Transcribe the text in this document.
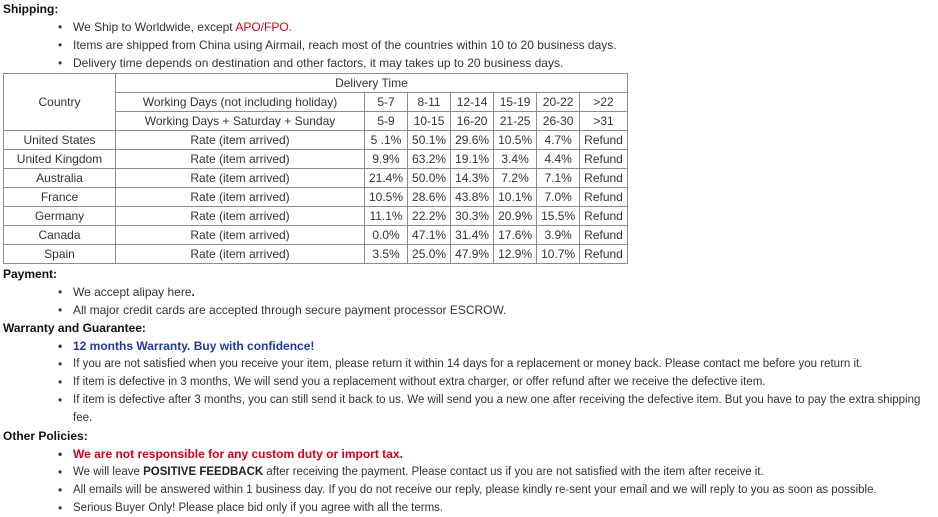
Shipping:

• We Ship to Worldwide, except APO/FPO.
• Items are shipped from China using Airmail, reach most of the countries within 10 to 20 business days.
• Delivery time depends on destination and other factors, it may takes up to 20 business days.
Country	Delivery Time						
	Working Days (not including holiday)	5-7	8-11	12-14	15-19	20-22	>22
	Working Days + Saturday + Sunday	5-9	10-15	16-20	21-25	26-30	>31
United States	Rate (item arrived)	5 .1%	50.1%	29.6%	10.5%	4.7%	Refund
United Kingdom	Rate (item arrived)	9.9%	63.2%	19.1%	3.4%	4.4%	Refund
Australia	Rate (item arrived)	21.4%	50.0%	14.3%	7.2%	7.1%	Refund
France	Rate (item arrived)	10.5%	28.6%	43.8%	10.1%	7.0%	Refund
Germany	Rate (item arrived)	11.1%	22.2%	30.3%	20.9%	15.5%	Refund
Canada	Rate (item arrived)	0.0%	47.1%	31.4%	17.6%	3.9%	Refund
Spain	Rate (item arrived)	3.5%	25.0%	47.9%	12.9%	10.7%	Refund

Payment:

• We accept alipay here.
• All major credit cards are accepted through secure payment processor ESCROW.

Warranty and Guarantee:

• 12 months Warranty. Buy with confidence!
• If you are not satisfied when you receive your item, please return it within 14 days for a replacement or money back. Please contact me before you return it.
• If item is defective in 3 months, We will send you a replacement without extra charger, or offer refund after we receive the defective item.
• If item is defective after 3 months, you can still send it back to us. We will send you a new one after receiving the defective item. But you have to pay the extra shipping fee.

Other Policies:

• We are not responsible for any custom duty or import tax.
• We will leave POSITIVE FEEDBACK after receiving the payment. Please contact us if you are not satisfied with the item after receive it.
• All emails will be answered within 1 business day. If you do not receive our reply, please kindly re-sent your email and we will reply to you as soon as possible.
• Serious Buyer Only! Please place bid only if you agree with all the terms.
